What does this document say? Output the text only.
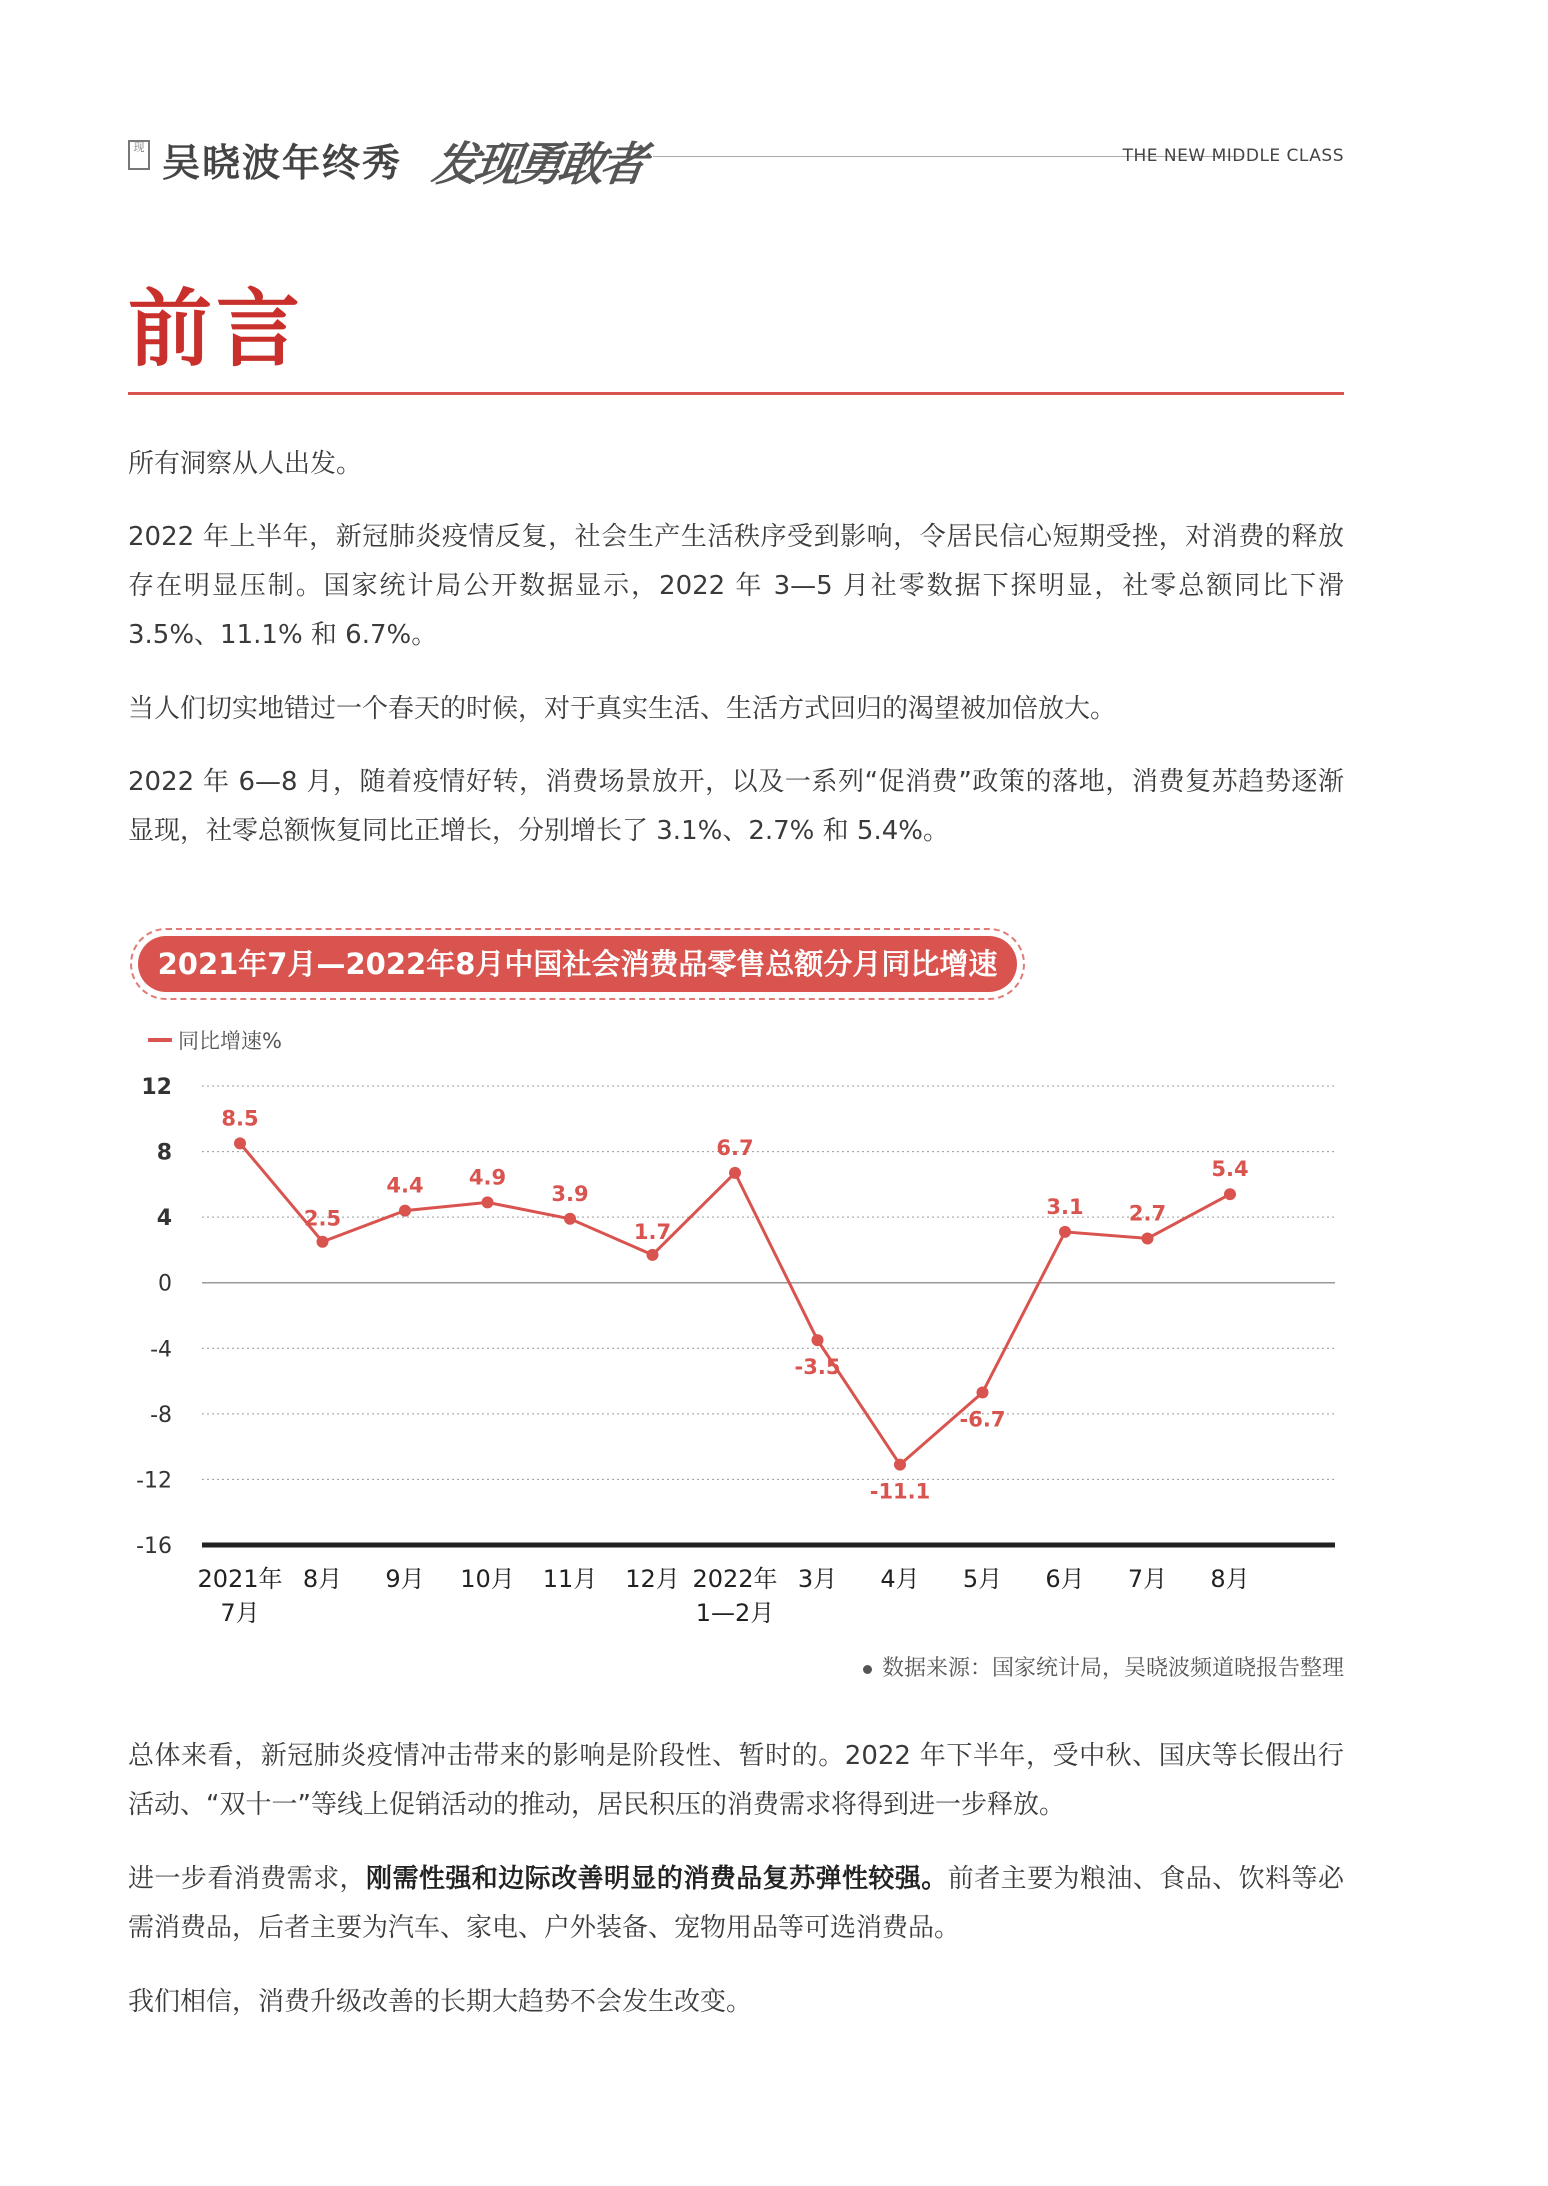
现 吴晓波年终秀 发现勇敢者	THE NEW MIDDLE CLASS
前言

所有洞察从人出发。

2022 年上半年，新冠肺炎疫情反复，社会生产生活秩序受到影响，令居民信心短期受挫，对消费的释放存在明显压制。国家统计局公开数据显示，2022 年 3—5 月社零数据下探明显，社零总额同比下滑 3.5%、11.1% 和 6.7%。

当人们切实地错过一个春天的时候，对于真实生活、生活方式回归的渴望被加倍放大。

2022 年 6—8 月，随着疫情好转，消费场景放开，以及一系列“促消费”政策的落地，消费复苏趋势逐渐显现，社零总额恢复同比正增长，分别增长了 3.1%、2.7% 和 5.4%。

2021年7月—2022年8月中国社会消费品零售总额分月同比增速
同比增速%
12
8
4
0
-4
-8
-12
-16
2021年
7月
8月 9月 10月 11月 12月 2022年
1—2月
3月 4月 5月 6月 7月 8月
8.5
2.5
4.4 4.9
3.9
1.7
6.7
-3.5
-11.1
-6.7
3.1 2.7
5.4
数据来源：国家统计局，吴晓波频道晓报告整理

总体来看，新冠肺炎疫情冲击带来的影响是阶段性、暂时的。2022 年下半年，受中秋、国庆等长假出行活动、“双十一”等线上促销活动的推动，居民积压的消费需求将得到进一步释放。

进一步看消费需求，刚需性强和边际改善明显的消费品复苏弹性较强。前者主要为粮油、食品、饮料等必需消费品，后者主要为汽车、家电、户外装备、宠物用品等可选消费品。

我们相信，消费升级改善的长期大趋势不会发生改变。
